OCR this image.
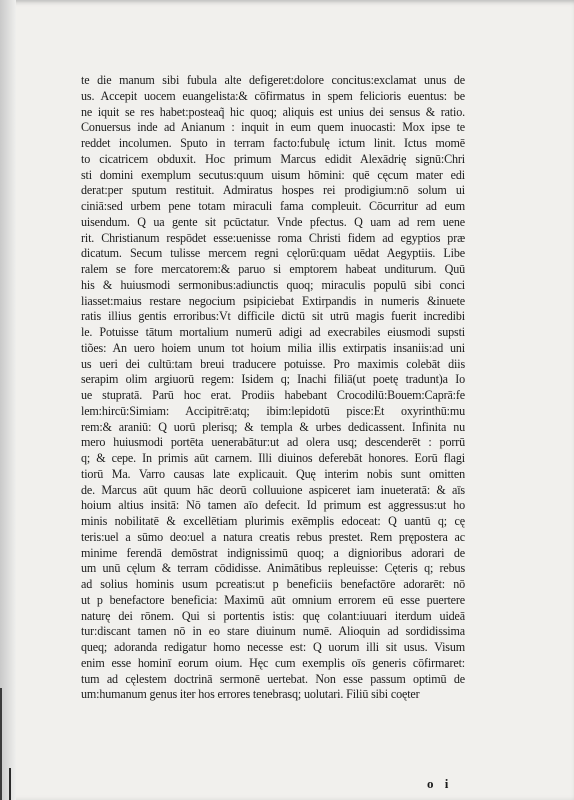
te die manum sibi fubula alte defigeret:dolore concitus:exclamat unus de
us. Accepit uocem euangelista:& cōfirmatus in spem felicioris euentus: be
ne iquit se res habet:posteaq̃ hic quoq; aliquis est unius dei sensus & ratio.
Conuersus inde ad Anianum : inquit in eum quem inuocasti: Mox ipse te
reddet incolumen. Sputo in terram facto:fubulę ictum linit. Ictus momē
to cicatricem obduxit. Hoc primum Marcus edidit Alexādrię signū:Chri
sti domini exemplum secutus:quum uisum hōmini: quē cęcum mater edi
derat:per sputum restituit. Admiratus hospes rei prodigium:nō solum ui
ciniā:sed urbem pene totam miraculi fama compleuit. Cōcurritur ad eum
uisendum. Q ua gente sit pcūctatur. Vnde pfectus. Q uam ad rem uene
rit. Christianum respōdet esse:uenisse roma Christi fidem ad egyptios præ
dicatum. Secum tulisse mercem regni cęlorū:quam uēdat Aegyptiis. Libe
ralem se fore mercatorem:& paruo si emptorem habeat unditurum. Quū
his & huiusmodi sermonibus:adiunctis quoq; miraculis populū sibi conci
liasset:maius restare negocium psipiciebat Extirpandis in numeris &inuete
ratis illius gentis erroribus:Vt difficile dictū sit utrū magis fuerit incredibi
le. Potuisse tātum mortalium numerū adigi ad execrabiles eiusmodi supsti
tiões: An uero hoiem unum tot hoium milia illis extirpatis insaniis:ad uni
us ueri dei cultū:tam breui traducere potuisse. Pro maximis colebāt diis
serapim olim argiuorū regem: Isidem q; Inachi filiā(ut poetę tradunt)a Io
ue stupratā. Parū hoc erat. Prodiis habebant Crocodilū:Bouem:Caprā:fe
lem:hircū:Simiam: Accipitrē:atq; ibim:lepidotū pisce:Et oxyrinthū:mu
rem:& araniū: Q uorū plerisq; & templa & urbes dedicassent. Infinita nu
mero huiusmodi portēta uenerabātur:ut ad olera usq; descenderēt : porrū
q; & cepe. In primis aūt carnem. Illi diuinos deferebāt honores. Eorū flagi
tiorū Ma. Varro causas late explicauit. Quę interim nobis sunt omitten
de. Marcus aūt quum hāc deorū colluuione aspiceret iam inueteratā: & aīs
hoium altius insitā: Nō tamen aīo defecit. Id primum est aggressus:ut ho
minis nobilitatē & excellētiam plurimis exēmplis edoceat: Q uantū q; cę
teris:uel a sūmo deo:uel a natura creatis rebus prestet. Rem prępostera ac
minime ferendā demōstrat indignissimū quoq; a dignioribus adorari de
um unū cęlum & terram cōdidisse. Animātibus repleuisse: Cęteris q; rebus
ad solius hominis usum pcreatis:ut p beneficiis benefactōre adorarēt: nō
ut p benefactore beneficia: Maximū aūt omnium errorem eū esse puertere
naturę dei rōnem. Qui si portentis istis: quę colant:iuuari iterdum uideā
tur:discant tamen nō in eo stare diuinum numē. Alioquin ad sordidissima
queq; adoranda redigatur homo necesse est: Q uorum illi sit usus. Visum
enim esse hominī eorum oium. Hęc cum exemplis oīs generis cōfirmaret:
tum ad cęlestem doctrinā sermonē uertebat. Non esse passum optimū de
um:humanum genus iter hos errores tenebrasq; uolutari. Filiū sibi coęter
o i
